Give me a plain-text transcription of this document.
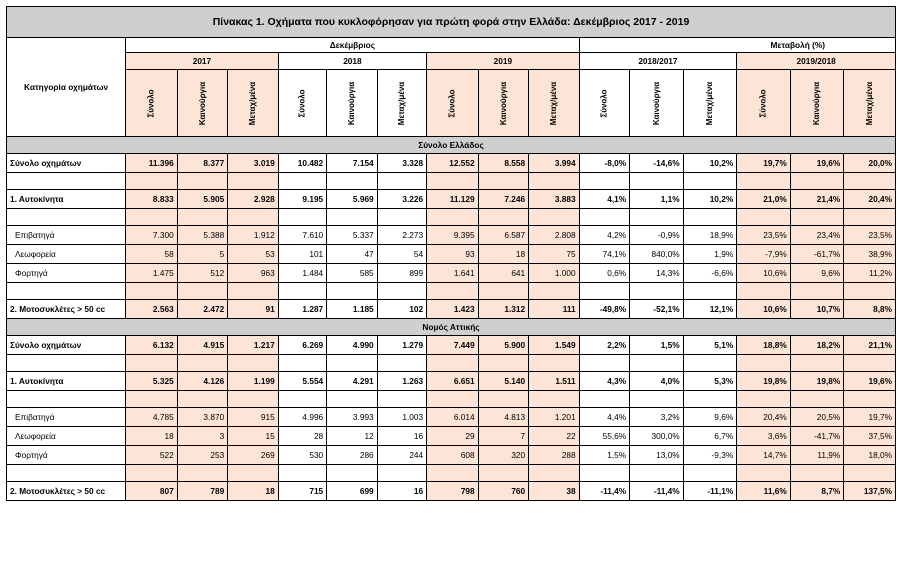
Πίνακας 1. Οχήματα που κυκλοφόρησαν για πρώτη φορά στην Ελλάδα: Δεκέμβριος 2017 - 2019															
Κατηγορία οχημάτων	Δεκέμβριος									Μεταβολή (%)					
	2017			2018			2019			2018/2017			2019/2018		
	Σύνολο	Καινούργια	Μεταχ/μένα	Σύνολο	Καινούργια	Μεταχ/μένα	Σύνολο	Καινούργια	Μεταχ/μένα	Σύνολο	Καινούργια	Μεταχ/μένα	Σύνολο	Καινούργια	Μεταχ/μένα
Σύνολο Ελλάδος															
Σύνολο οχημάτων	11.396	8.377	3.019	10.482	7.154	3.328	12.552	8.558	3.994	-8,0%	-14,6%	10,2%	19,7%	19,6%	20,0%

1. Αυτοκίνητα	8.833	5.905	2.928	9.195	5.969	3.226	11.129	7.246	3.883	4,1%	1,1%	10,2%	21,0%	21,4%	20,4%

Επιβατηγά	7.300	5.388	1.912	7.610	5.337	2.273	9.395	6.587	2.808	4,2%	-0,9%	18,9%	23,5%	23,4%	23,5%
Λεωφορεία	58	5	53	101	47	54	93	18	75	74,1%	840,0%	1,9%	-7,9%	-61,7%	38,9%
Φορτηγά	1.475	512	963	1.484	585	899	1.641	641	1.000	0,6%	14,3%	-6,6%	10,6%	9,6%	11,2%

2. Μοτοσυκλέτες > 50 cc	2.563	2.472	91	1.287	1.185	102	1.423	1.312	111	-49,8%	-52,1%	12,1%	10,6%	10,7%	8,8%
Νομός Αττικής															
Σύνολο οχημάτων	6.132	4.915	1.217	6.269	4.990	1.279	7.449	5.900	1.549	2,2%	1,5%	5,1%	18,8%	18,2%	21,1%

1. Αυτοκίνητα	5.325	4.126	1.199	5.554	4.291	1.263	6.651	5.140	1.511	4,3%	4,0%	5,3%	19,8%	19,8%	19,6%

Επιβατηγά	4.785	3.870	915	4.996	3.993	1.003	6.014	4.813	1.201	4,4%	3,2%	9,6%	20,4%	20,5%	19,7%
Λεωφορεία	18	3	15	28	12	16	29	7	22	55,6%	300,0%	6,7%	3,6%	-41,7%	37,5%
Φορτηγά	522	253	269	530	286	244	608	320	288	1,5%	13,0%	-9,3%	14,7%	11,9%	18,0%

2. Μοτοσυκλέτες > 50 cc	807	789	18	715	699	16	798	760	38	-11,4%	-11,4%	-11,1%	11,6%	8,7%	137,5%
